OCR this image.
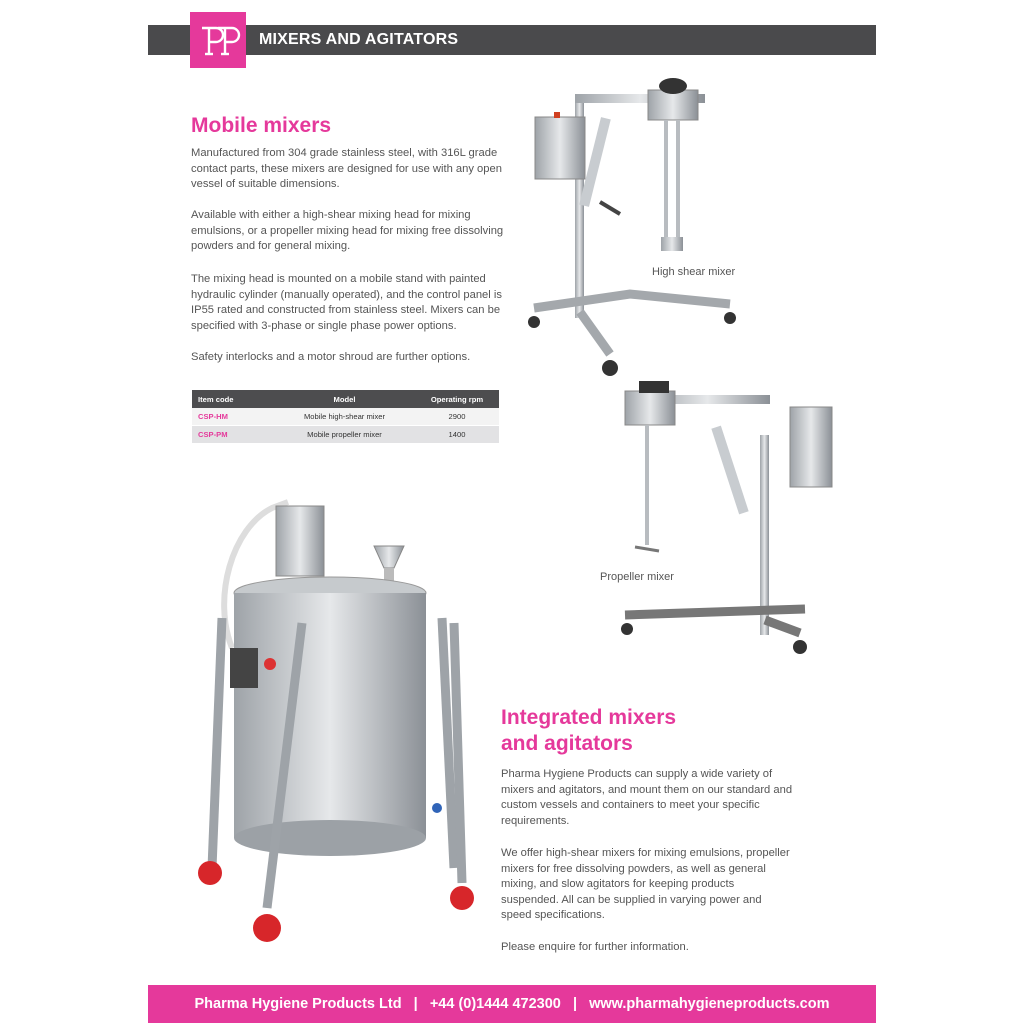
MIXERS AND AGITATORS
Mobile mixers

Manufactured from 304 grade stainless steel, with 316L grade contact parts, these mixers are designed for use with any open vessel of suitable dimensions.

Available with either a high-shear mixing head for mixing emulsions, or a propeller mixing head for mixing free dissolving powders and for general mixing.

The mixing head is mounted on a mobile stand with painted hydraulic cylinder (manually operated), and the control panel is IP55 rated and constructed from stainless steel. Mixers can be specified with 3-phase or single phase power options.

Safety interlocks and a motor shroud are further options.

Item code	Model	Operating rpm
CSP-HM	Mobile high-shear mixer	2900
CSP-PM	Mobile propeller mixer	1400
High shear mixer
Propeller mixer
Integrated mixers
and agitators

Pharma Hygiene Products can supply a wide variety of mixers and agitators, and mount them on our standard and custom vessels and containers to meet your specific requirements.

We offer high-shear mixers for mixing emulsions, propeller mixers for free dissolving powders, as well as general mixing, and slow agitators for keeping products suspended. All can be supplied in varying power and speed specifications.

Please enquire for further information.

Pharma Hygiene Products Ltd | +44 (0)1444 472300 | www.pharmahygieneproducts.com
